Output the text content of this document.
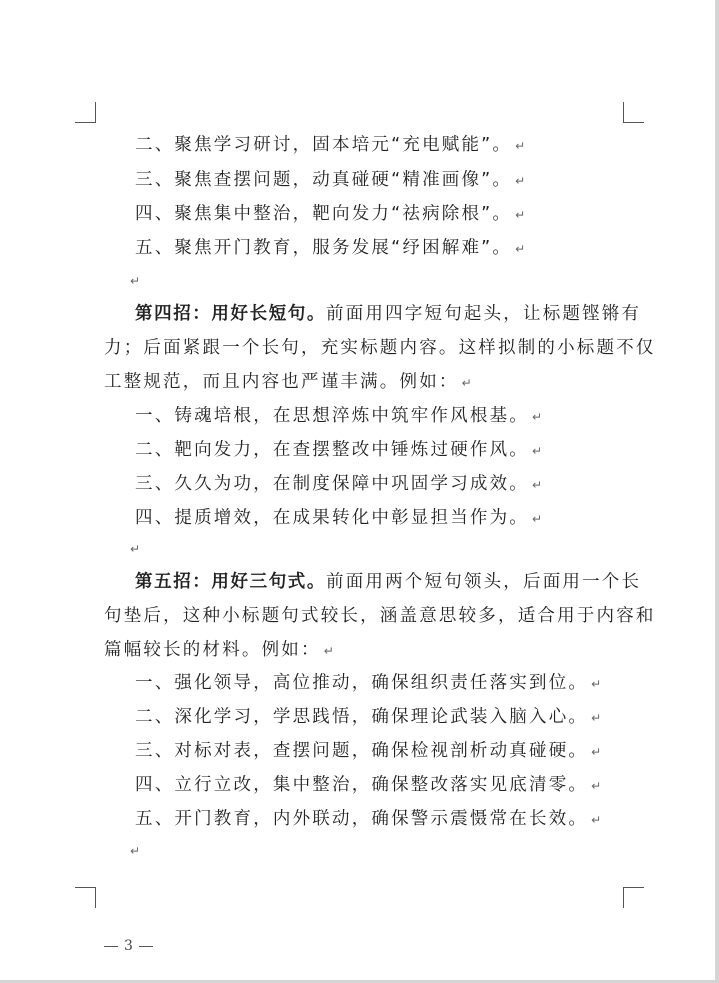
二、聚焦学习研讨，固本培元“充电赋能”。 ↵
三、聚焦查摆问题，动真碰硬“精准画像”。 ↵
四、聚焦集中整治，靶向发力“祛病除根”。 ↵
五、聚焦开门教育，服务发展“纾困解难”。 ↵
↵
第四招：用好长短句。前面用四字短句起头，让标题铿锵有
力；后面紧跟一个长句，充实标题内容。这样拟制的小标题不仅
工整规范，而且内容也严谨丰满。例如： ↵
一、铸魂培根，在思想淬炼中筑牢作风根基。 ↵
二、靶向发力，在查摆整改中锤炼过硬作风。 ↵
三、久久为功，在制度保障中巩固学习成效。 ↵
四、提质增效，在成果转化中彰显担当作为。 ↵
↵
第五招：用好三句式。前面用两个短句领头，后面用一个长
句垫后，这种小标题句式较长，涵盖意思较多，适合用于内容和
篇幅较长的材料。例如： ↵
一、强化领导，高位推动，确保组织责任落实到位。 ↵
二、深化学习，学思践悟，确保理论武装入脑入心。 ↵
三、对标对表，查摆问题，确保检视剖析动真碰硬。 ↵
四、立行立改，集中整治，确保整改落实见底清零。 ↵
五、开门教育，内外联动，确保警示震慑常在长效。 ↵
↵
3
